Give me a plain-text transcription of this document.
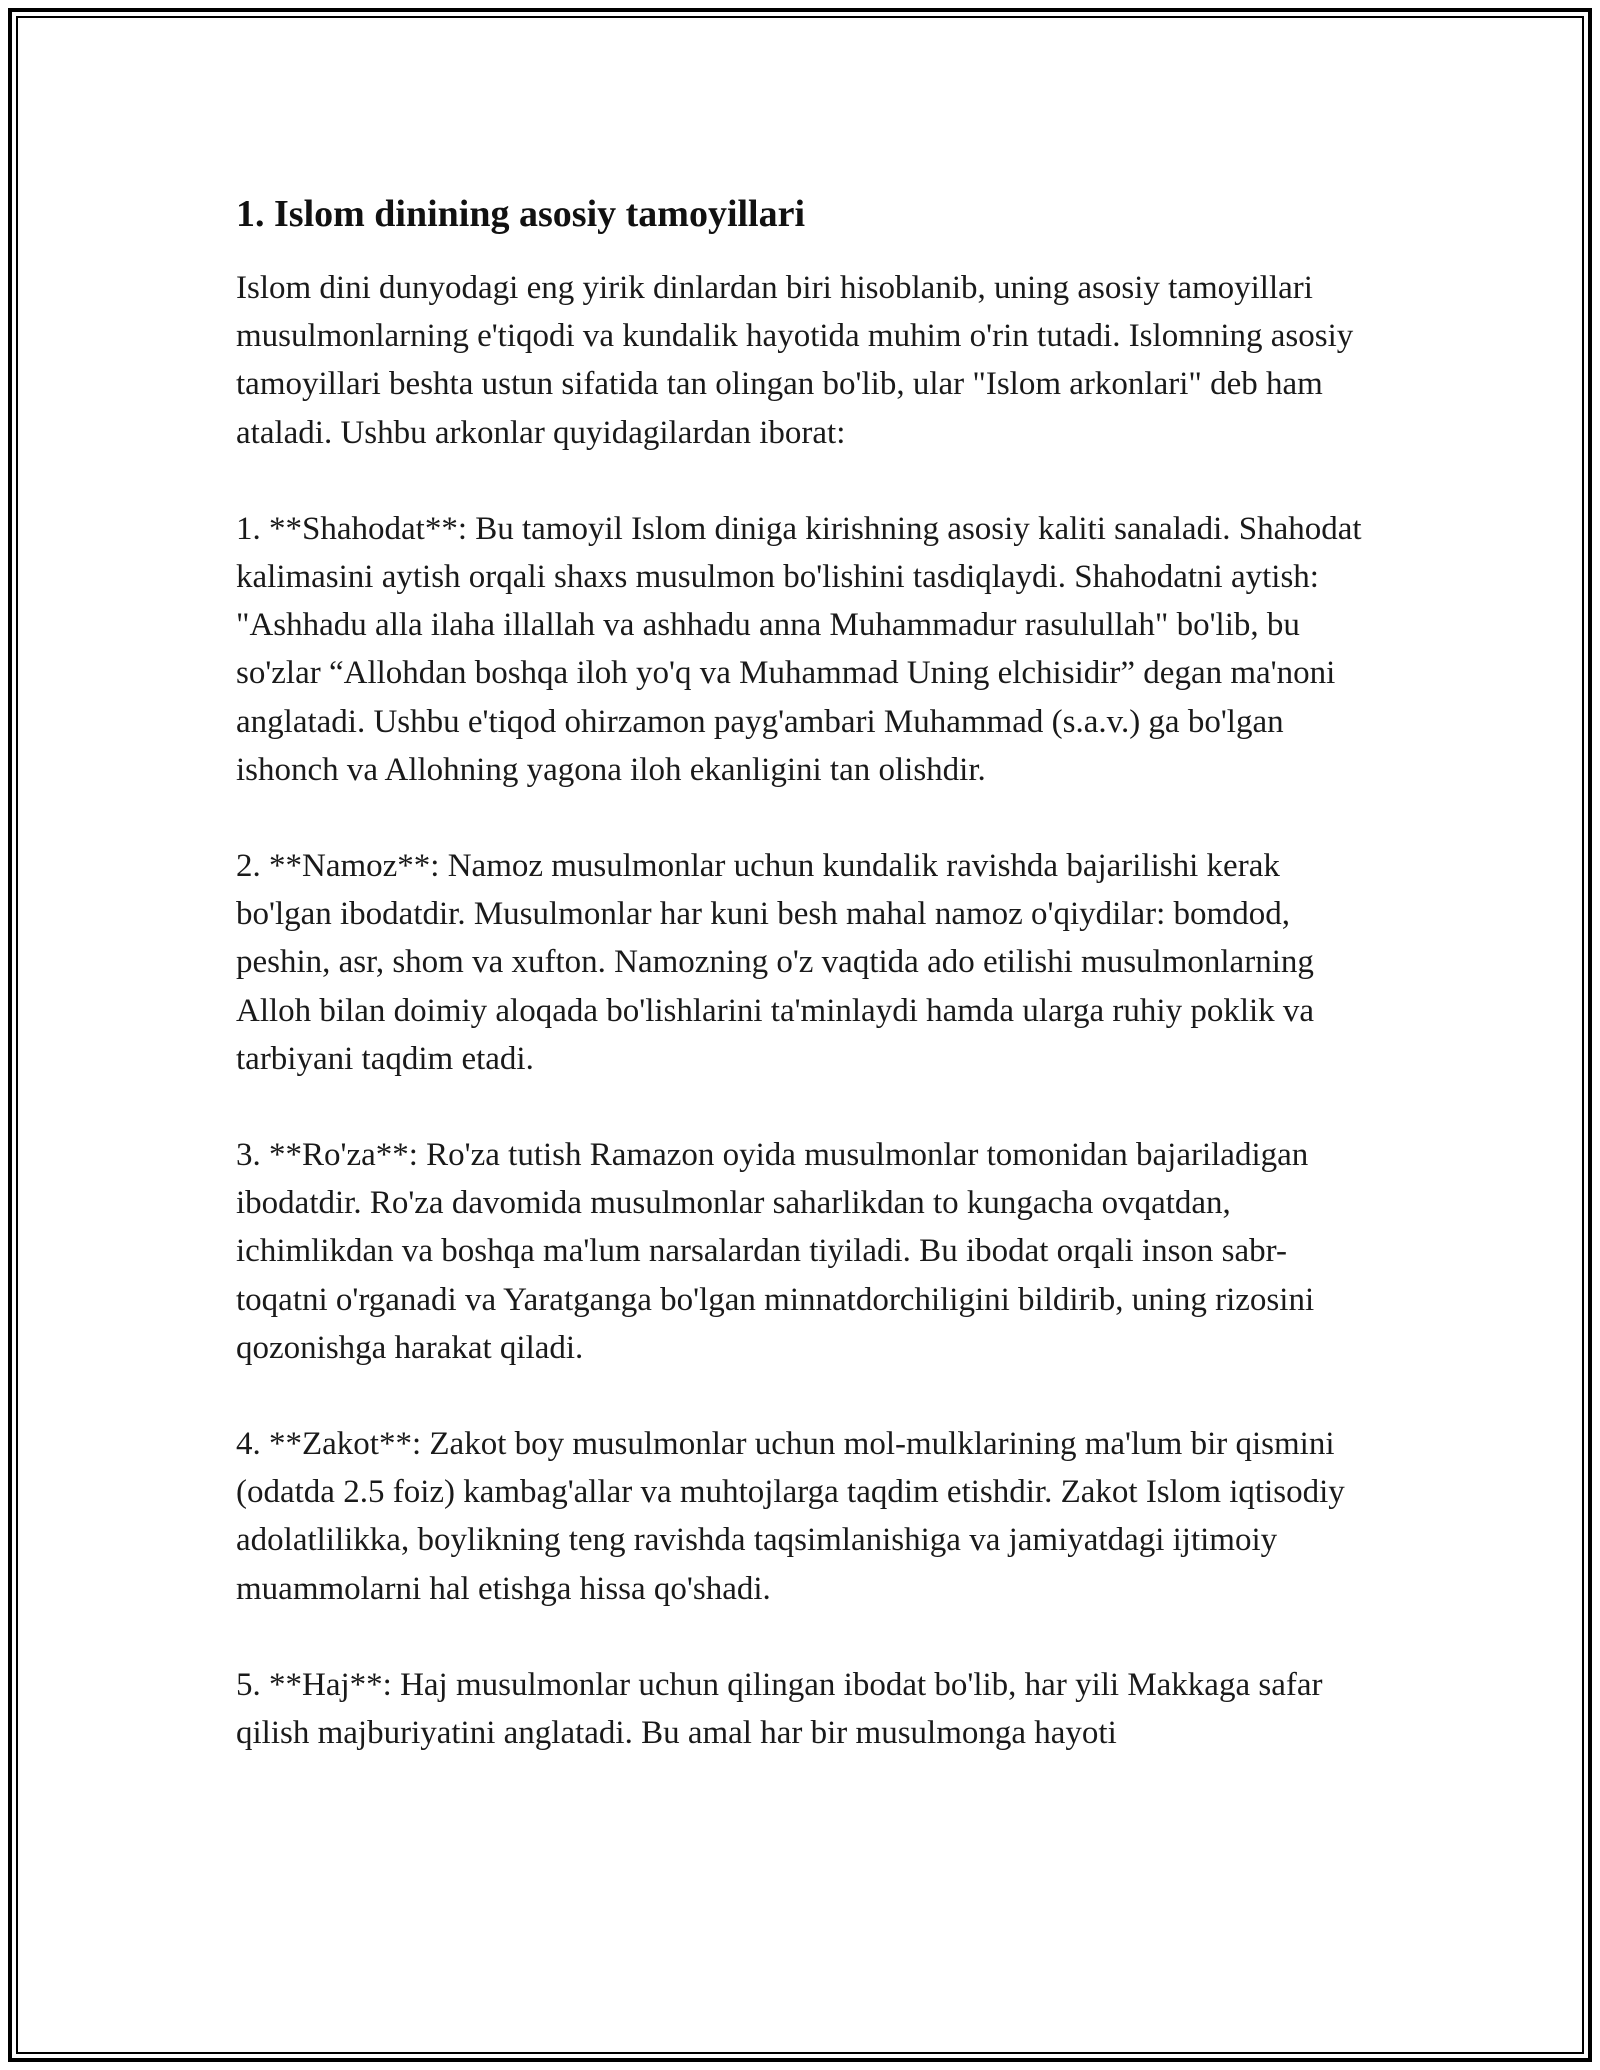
1. Islom dinining asosiy tamoyillari

Islom dini dunyodagi eng yirik dinlardan biri hisoblanib, uning asosiy tamoyillari musulmonlarning e'tiqodi va kundalik hayotida muhim o'rin tutadi. Islomning asosiy tamoyillari beshta ustun sifatida tan olingan bo'lib, ular "Islom arkonlari" deb ham ataladi. Ushbu arkonlar quyidagilardan iborat:

1. **Shahodat**: Bu tamoyil Islom diniga kirishning asosiy kaliti sanaladi. Shahodat kalimasini aytish orqali shaxs musulmon bo'lishini tasdiqlaydi. Shahodatni aytish: "Ashhadu alla ilaha illallah va ashhadu anna Muhammadur rasulullah" bo'lib, bu so'zlar “Allohdan boshqa iloh yo'q va Muhammad Uning elchisidir” degan ma'noni anglatadi. Ushbu e'tiqod ohirzamon payg'ambari Muhammad (s.a.v.) ga bo'lgan ishonch va Allohning yagona iloh ekanligini tan olishdir.

2. **Namoz**: Namoz musulmonlar uchun kundalik ravishda bajarilishi kerak bo'lgan ibodatdir. Musulmonlar har kuni besh mahal namoz o'qiydilar: bomdod, peshin, asr, shom va xufton. Namozning o'z vaqtida ado etilishi musulmonlarning Alloh bilan doimiy aloqada bo'lishlarini ta'minlaydi hamda ularga ruhiy poklik va tarbiyani taqdim etadi.

3. **Ro'za**: Ro'za tutish Ramazon oyida musulmonlar tomonidan bajariladigan ibodatdir. Ro'za davomida musulmonlar saharlikdan to kungacha ovqatdan, ichimlikdan va boshqa ma'lum narsalardan tiyiladi. Bu ibodat orqali inson sabr-toqatni o'rganadi va Yaratganga bo'lgan minnatdorchiligini bildirib, uning rizosini qozonishga harakat qiladi.

4. **Zakot**: Zakot boy musulmonlar uchun mol-mulklarining ma'lum bir qismini (odatda 2.5 foiz) kambag'allar va muhtojlarga taqdim etishdir. Zakot Islom iqtisodiy adolatlilikka, boylikning teng ravishda taqsimlanishiga va jamiyatdagi ijtimoiy muammolarni hal etishga hissa qo'shadi.

5. **Haj**: Haj musulmonlar uchun qilingan ibodat bo'lib, har yili Makkaga safar qilish majburiyatini anglatadi. Bu amal har bir musulmonga hayoti
